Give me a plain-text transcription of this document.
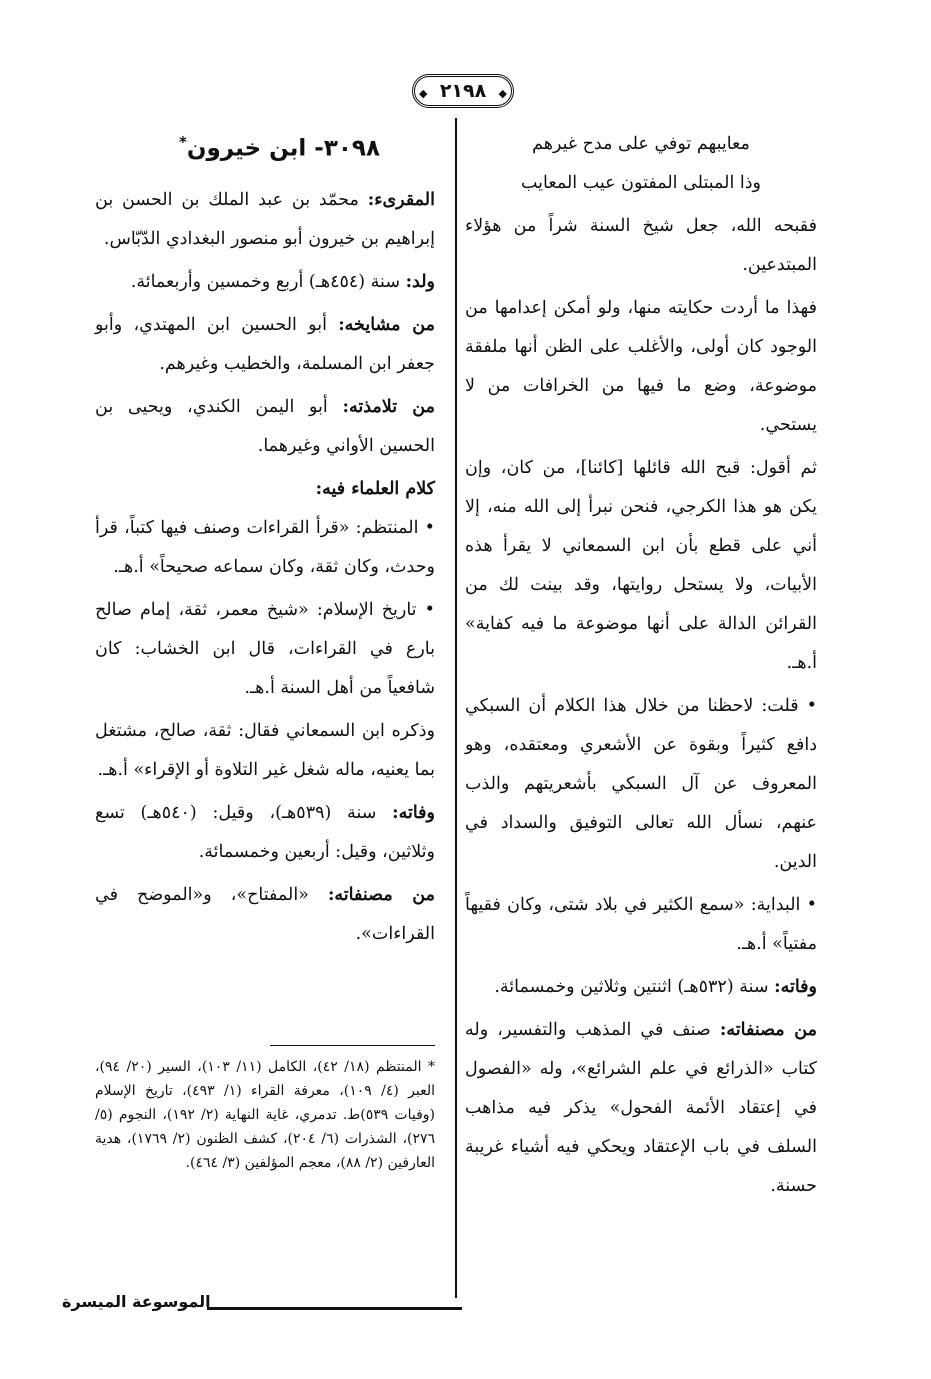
◆
٢١٩٨
◆

معايبهم توفي على مدح غيرهم

وذا المبتلى المفتون عيب المعايب

فقبحه الله، جعل شيخ السنة شراً من هؤلاء المبتدعين.

فهذا ما أردت حكايته منها، ولو أمكن إعدامها من الوجود كان أولى، والأغلب على الظن أنها ملفقة موضوعة، وضع ما فيها من الخرافات من لا يستحي.

ثم أقول: قبح الله قائلها [كائنا]، من كان، وإن يكن هو هذا الكرجي، فنحن نبرأ إلى الله منه، إلا أني على قطع بأن ابن السمعاني لا يقرأ هذه الأبيات، ولا يستحل روايتها، وقد بينت لك من القرائن الدالة على أنها موضوعة ما فيه كفاية» أ.هـ.

• قلت: لاحظنا من خلال هذا الكلام أن السبكي دافع كثيراً وبقوة عن الأشعري ومعتقده، وهو المعروف عن آل السبكي بأشعريتهم والذب عنهم، نسأل الله تعالى التوفيق والسداد في الدين.

• البداية: «سمع الكثير في بلاد شتى، وكان فقيهاً مفتياً» أ.هـ.

وفاته: سنة (٥٣٢هـ) اثنتين وثلاثين وخمسمائة.

من مصنفاته: صنف في المذهب والتفسير، وله كتاب «الذرائع في علم الشرائع»، وله «الفصول في إعتقاد الأئمة الفحول» يذكر فيه مذاهب السلف في باب الإعتقاد ويحكي فيه أشياء غريبة حسنة.

٣٠٩٨- ابن خيرون*

المقرىء: محمّد بن عبد الملك بن الحسن بن إبراهيم بن خيرون أبو منصور البغدادي الدّبّاس.

ولد: سنة (٤٥٤هـ) أربع وخمسين وأربعمائة.

من مشايخه: أبو الحسين ابن المهتدي، وأبو جعفر ابن المسلمة، والخطيب وغيرهم.

من تلامذته: أبو اليمن الكندي، ويحيى بن الحسين الأواني وغيرهما.

كلام العلماء فيه:

• المنتظم: «قرأ القراءات وصنف فيها كتباً، قرأ وحدث، وكان ثقة، وكان سماعه صحيحاً» أ.هـ.

• تاريخ الإسلام: «شيخ معمر، ثقة، إمام صالح بارع في القراءات، قال ابن الخشاب: كان شافعياً من أهل السنة أ.هـ.

وذكره ابن السمعاني فقال: ثقة، صالح، مشتغل بما يعنيه، ماله شغل غير التلاوة أو الإقراء» أ.هـ.

وفاته: سنة (٥٣٩هـ)، وقيل: (٥٤٠هـ) تسع وثلاثين، وقيل: أربعين وخمسمائة.

من مصنفاته: «المفتاح»، و«الموضح في القراءات».

* المنتظم (١٨/ ٤٢)، الكامل (١١/ ١٠٣)، السير (٢٠/ ٩٤)، العبر (٤/ ١٠٩)، معرفة القراء (١/ ٤٩٣)، تاريخ الإسلام (وفيات ٥٣٩)ط. تدمري، غاية النهاية (٢/ ١٩٢)، النجوم (٥/ ٢٧٦)، الشذرات (٦/ ٢٠٤)، كشف الظنون (٢/ ١٧٦٩)، هدية العارفين (٢/ ٨٨)، معجم المؤلفين (٣/ ٤٦٤).
الموسوعة الميسرة
